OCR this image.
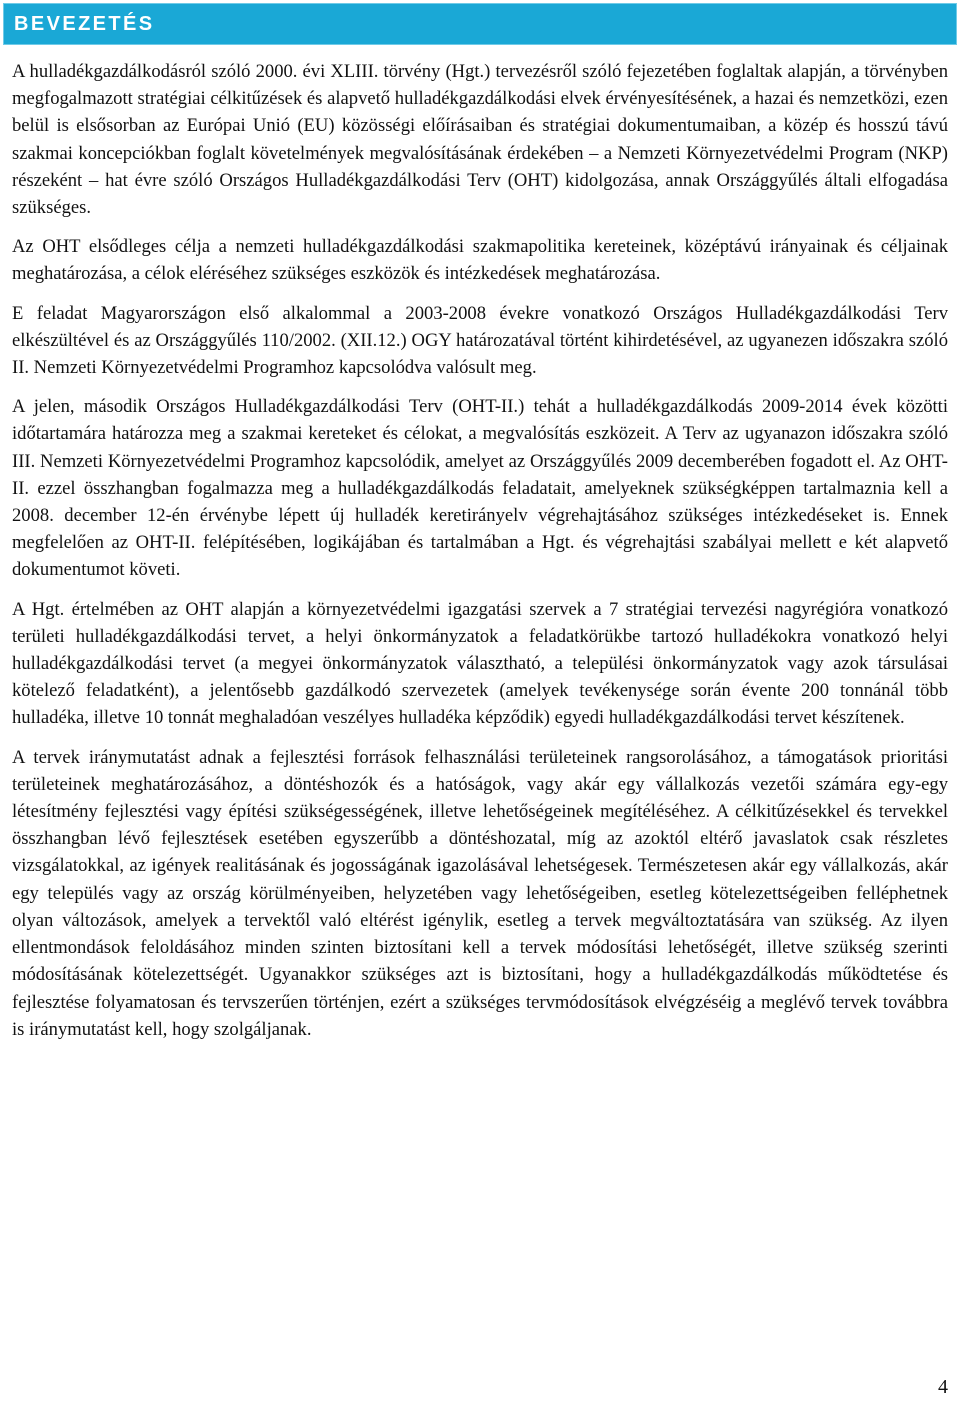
BEVEZETÉS

A hulladékgazdálkodásról szóló 2000. évi XLIII. törvény (Hgt.) tervezésről szóló fejezetében foglaltak alapján, a törvényben megfogalmazott stratégiai célkitűzések és alapvető hulladékgazdálkodási elvek érvényesítésének, a hazai és nemzetközi, ezen belül is elsősorban az Európai Unió (EU) közösségi előírásaiban és stratégiai dokumentumaiban, a közép és hosszú távú szakmai koncepciókban foglalt követelmények megvalósításának érdekében – a Nemzeti Környezetvédelmi Program (NKP) részeként – hat évre szóló Országos Hulladékgazdálkodási Terv (OHT) kidolgozása, annak Országgyűlés általi elfogadása szükséges.

Az OHT elsődleges célja a nemzeti hulladékgazdálkodási szakmapolitika kereteinek, középtávú irányainak és céljainak meghatározása, a célok eléréséhez szükséges eszközök és intézkedések meghatározása.

E feladat Magyarországon első alkalommal a 2003-2008 évekre vonatkozó Országos Hulladékgazdálkodási Terv elkészültével és az Országgyűlés 110/2002. (XII.12.) OGY határozatával történt kihirdetésével, az ugyanezen időszakra szóló II. Nemzeti Környezetvédelmi Programhoz kapcsolódva valósult meg.

A jelen, második Országos Hulladékgazdálkodási Terv (OHT-II.) tehát a hulladékgazdálkodás 2009-2014 évek közötti időtartamára határozza meg a szakmai kereteket és célokat, a megvalósítás eszközeit. A Terv az ugyanazon időszakra szóló III. Nemzeti Környezetvédelmi Programhoz kapcsolódik, amelyet az Országgyűlés 2009 decemberében fogadott el. Az OHT-II. ezzel összhangban fogalmazza meg a hulladékgazdálkodás feladatait, amelyeknek szükségképpen tartalmaznia kell a 2008. december 12-én érvénybe lépett új hulladék keretirányelv végrehajtásához szükséges intézkedéseket is. Ennek megfelelően az OHT-II. felépítésében, logikájában és tartalmában a Hgt. és végrehajtási szabályai mellett e két alapvető dokumentumot követi.

A Hgt. értelmében az OHT alapján a környezetvédelmi igazgatási szervek a 7 stratégiai tervezési nagyrégióra vonatkozó területi hulladékgazdálkodási tervet, a helyi önkormányzatok a feladatkörükbe tartozó hulladékokra vonatkozó helyi hulladékgazdálkodási tervet (a megyei önkormányzatok választható, a települési önkormányzatok vagy azok társulásai kötelező feladatként), a jelentősebb gazdálkodó szervezetek (amelyek tevékenysége során évente 200 tonnánál több hulladéka, illetve 10 tonnát meghaladóan veszélyes hulladéka képződik) egyedi hulladékgazdálkodási tervet készítenek.

A tervek iránymutatást adnak a fejlesztési források felhasználási területeinek rangsorolásához, a támogatások prioritási területeinek meghatározásához, a döntéshozók és a hatóságok, vagy akár egy vállalkozás vezetői számára egy-egy létesítmény fejlesztési vagy építési szükségességének, illetve lehetőségeinek megítéléséhez. A célkitűzésekkel és tervekkel összhangban lévő fejlesztések esetében egyszerűbb a döntéshozatal, míg az azoktól eltérő javaslatok csak részletes vizsgálatokkal, az igények realitásának és jogosságának igazolásával lehetségesek. Természetesen akár egy vállalkozás, akár egy település vagy az ország körülményeiben, helyzetében vagy lehetőségeiben, esetleg kötelezettségeiben felléphetnek olyan változások, amelyek a tervektől való eltérést igénylik, esetleg a tervek megváltoztatására van szükség. Az ilyen ellentmondások feloldásához minden szinten biztosítani kell a tervek módosítási lehetőségét, illetve szükség szerinti módosításának kötelezettségét. Ugyanakkor szükséges azt is biztosítani, hogy a hulladékgazdálkodás működtetése és fejlesztése folyamatosan és tervszerűen történjen, ezért a szükséges tervmódosítások elvégzéséig a meglévő tervek továbbra is iránymutatást kell, hogy szolgáljanak.

4
